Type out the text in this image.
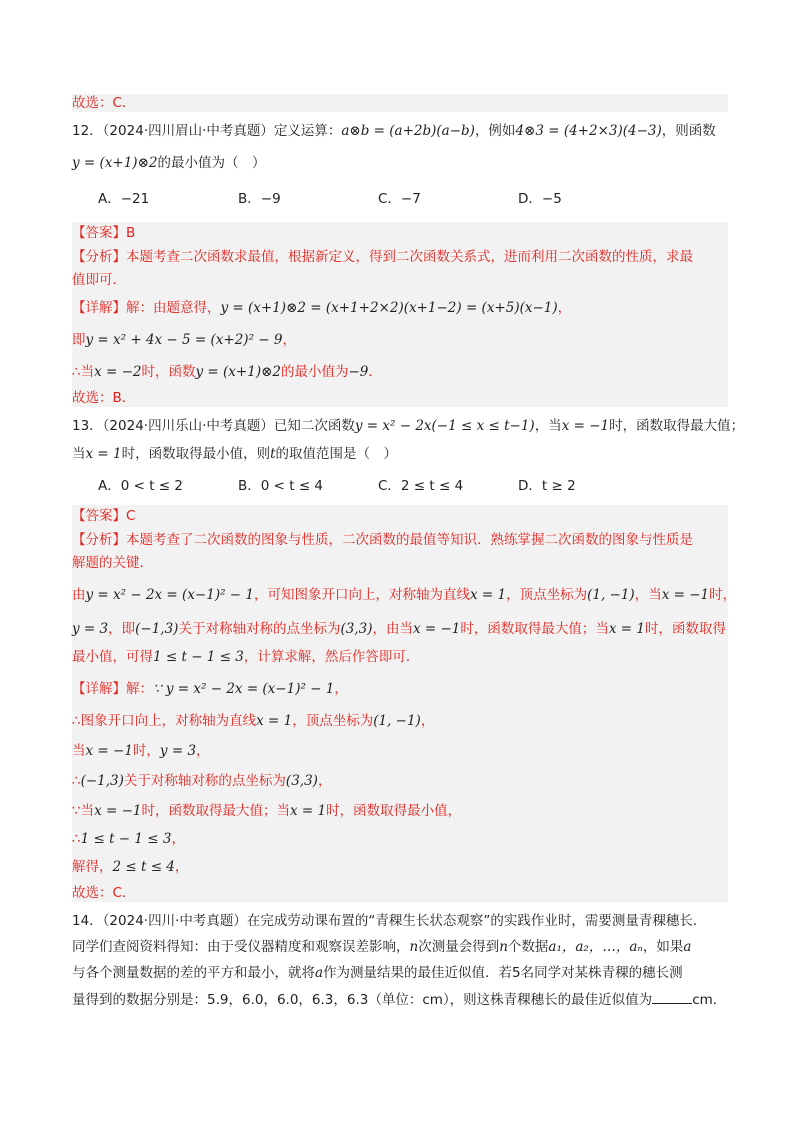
故选：C．
12．（2024·四川眉山·中考真题）定义运算：a⊗b = (a+2b)(a−b)，例如4⊗3 = (4+2×3)(4−3)，则函数
y = (x+1)⊗2的最小值为（　）
A．−21	B．−9	C．−7	D．−5
【答案】B
【分析】本题考查二次函数求最值，根据新定义，得到二次函数关系式，进而利用二次函数的性质，求最
值即可．
【详解】解：由题意得，y = (x+1)⊗2 = (x+1+2×2)(x+1−2) = (x+5)(x−1)，
即y = x² + 4x − 5 = (x+2)² − 9，
∴当x = −2时，函数y = (x+1)⊗2的最小值为−9．
故选：B．
13．（2024·四川乐山·中考真题）已知二次函数y = x² − 2x(−1 ≤ x ≤ t−1)，当x = −1时，函数取得最大值；
当x = 1时，函数取得最小值，则t的取值范围是（　）
A．0 < t ≤ 2	B．0 < t ≤ 4	C．2 ≤ t ≤ 4	D．t ≥ 2
【答案】C
【分析】本题考查了二次函数的图象与性质，二次函数的最值等知识．熟练掌握二次函数的图象与性质是
解题的关键．
由y = x² − 2x = (x−1)² − 1，可知图象开口向上，对称轴为直线x = 1，顶点坐标为(1, −1)，当x = −1时，
y = 3，即(−1,3)关于对称轴对称的点坐标为(3,3)，由当x = −1时，函数取得最大值；当x = 1时，函数取得
最小值，可得1 ≤ t − 1 ≤ 3，计算求解，然后作答即可．
【详解】解：∵ y = x² − 2x = (x−1)² − 1，
∴图象开口向上，对称轴为直线x = 1，顶点坐标为(1, −1)，
当x = −1时，y = 3，
∴(−1,3)关于对称轴对称的点坐标为(3,3)，
∵当x = −1时，函数取得最大值；当x = 1时，函数取得最小值，
∴1 ≤ t − 1 ≤ 3，
解得，2 ≤ t ≤ 4，
故选：C．
14．（2024·四川·中考真题）在完成劳动课布置的“青稞生长状态观察”的实践作业时，需要测量青稞穗长．
同学们查阅资料得知：由于受仪器精度和观察误差影响，n次测量会得到n个数据a₁，a₂，…，aₙ，如果a
与各个测量数据的差的平方和最小，就将a作为测量结果的最佳近似值．若5名同学对某株青稞的穗长测
量得到的数据分别是：5.9，6.0，6.0，6.3，6.3（单位：cm），则这株青稞穗长的最佳近似值为	cm．
